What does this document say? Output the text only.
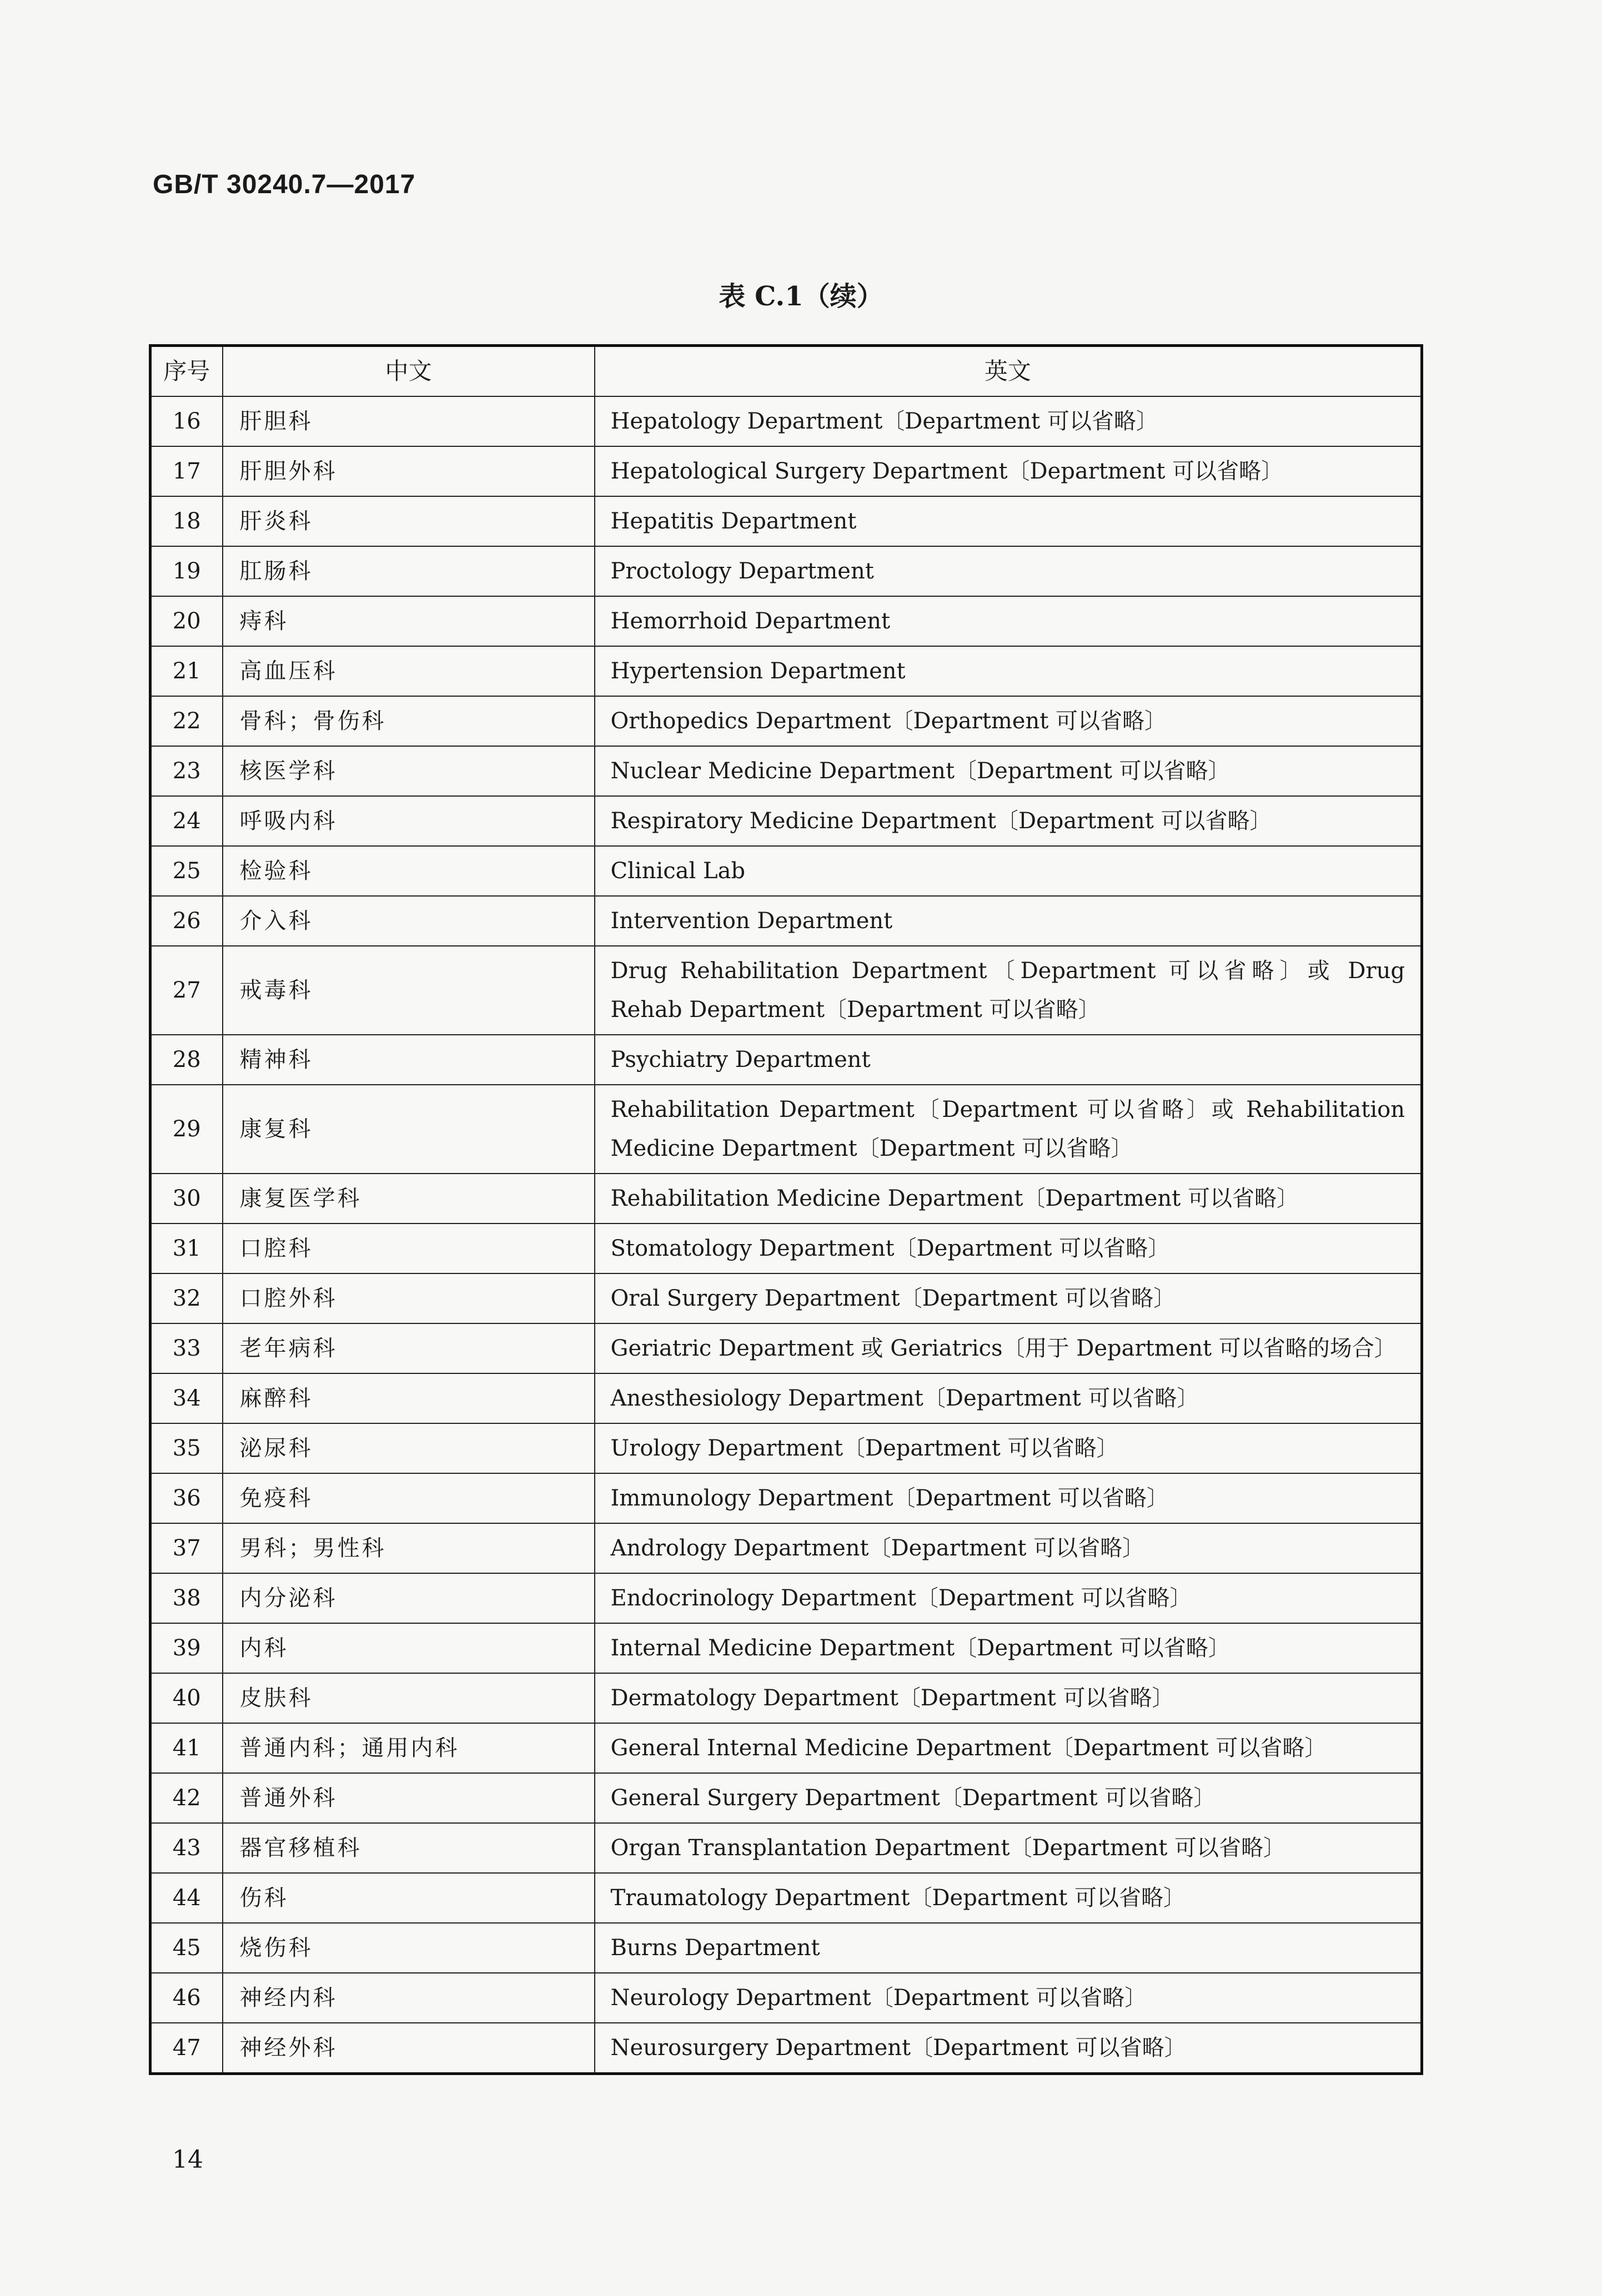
GB/T 30240.7—2017
表 C.1（续）
序号	中文	英文
16	肝胆科	Hepatology Department〔Department 可以省略〕
17	肝胆外科	Hepatological Surgery Department〔Department 可以省略〕
18	肝炎科	Hepatitis Department
19	肛肠科	Proctology Department
20	痔科	Hemorrhoid Department
21	高血压科	Hypertension Department
22	骨科；骨伤科	Orthopedics Department〔Department 可以省略〕
23	核医学科	Nuclear Medicine Department〔Department 可以省略〕
24	呼吸内科	Respiratory Medicine Department〔Department 可以省略〕
25	检验科	Clinical Lab
26	介入科	Intervention Department
27	戒毒科	Drug Rehabilitation Department〔Department 可以省略〕或 Drug Rehab Department〔Department 可以省略〕
28	精神科	Psychiatry Department
29	康复科	Rehabilitation Department〔Department 可以省略〕或 Rehabilitation Medicine Department〔Department 可以省略〕
30	康复医学科	Rehabilitation Medicine Department〔Department 可以省略〕
31	口腔科	Stomatology Department〔Department 可以省略〕
32	口腔外科	Oral Surgery Department〔Department 可以省略〕
33	老年病科	Geriatric Department 或 Geriatrics〔用于 Department 可以省略的场合〕
34	麻醉科	Anesthesiology Department〔Department 可以省略〕
35	泌尿科	Urology Department〔Department 可以省略〕
36	免疫科	Immunology Department〔Department 可以省略〕
37	男科；男性科	Andrology Department〔Department 可以省略〕
38	内分泌科	Endocrinology Department〔Department 可以省略〕
39	内科	Internal Medicine Department〔Department 可以省略〕
40	皮肤科	Dermatology Department〔Department 可以省略〕
41	普通内科；通用内科	General Internal Medicine Department〔Department 可以省略〕
42	普通外科	General Surgery Department〔Department 可以省略〕
43	器官移植科	Organ Transplantation Department〔Department 可以省略〕
44	伤科	Traumatology Department〔Department 可以省略〕
45	烧伤科	Burns Department
46	神经内科	Neurology Department〔Department 可以省略〕
47	神经外科	Neurosurgery Department〔Department 可以省略〕
14
